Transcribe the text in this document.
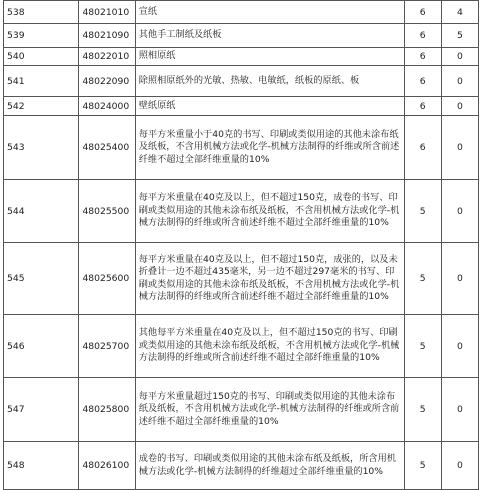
538	48021010	宣纸	6	4
539	48021090	其他手工制纸及纸板	6	5
540	48022010	照相原纸	6	0
541	48022090	除照相原纸外的光敏、热敏、电敏纸，纸板的原纸、板	6	0
542	48024000	壁纸原纸	6	0
543	48025400	每平方米重量小于40克的书写、印刷或类似用途的其他未涂布纸及纸板，不含用机械方法或化学-机械方法制得的纤维或所含前述纤维不超过全部纤维重量的10%	6	0
544	48025500	每平方米重量在40克及以上，但不超过150克，成卷的书写、印刷或类似用途的其他未涂布纸及纸板，不含用机械方法或化学-机械方法制得的纤维或所含前述纤维不超过全部纤维重量的10%	5	0
545	48025600	每平方米重量在40克及以上，但不超过150克，成张的，以及未折叠计一边不超过435毫米，另一边不超过297毫米的书写、印刷或类似用途的其他未涂布纸及纸板，不含用机械方法或化学-机械方法制得的纤维或所含前述纤维不超过全部纤维重量的10%	5	0
546	48025700	其他每平方米重量在40克及以上，但不超过150克的书写、印刷或类似用途的其他未涂布纸及纸板，不含用机械方法或化学-机械方法制得的纤维或所含前述纤维不超过全部纤维重量的10%	5	0
547	48025800	每平方米重量超过150克的书写、印刷或类似用途的其他未涂布纸及纸板，不含用机械方法或化学-机械方法制得的纤维或所含前述纤维不超过全部纤维重量的10%	5	0
548	48026100	成卷的书写、印刷或类似用途的其他未涂布纸及纸板，所含用机械方法或化学-机械方法制得的纤维超过全部纤维重量的10%	5	0
